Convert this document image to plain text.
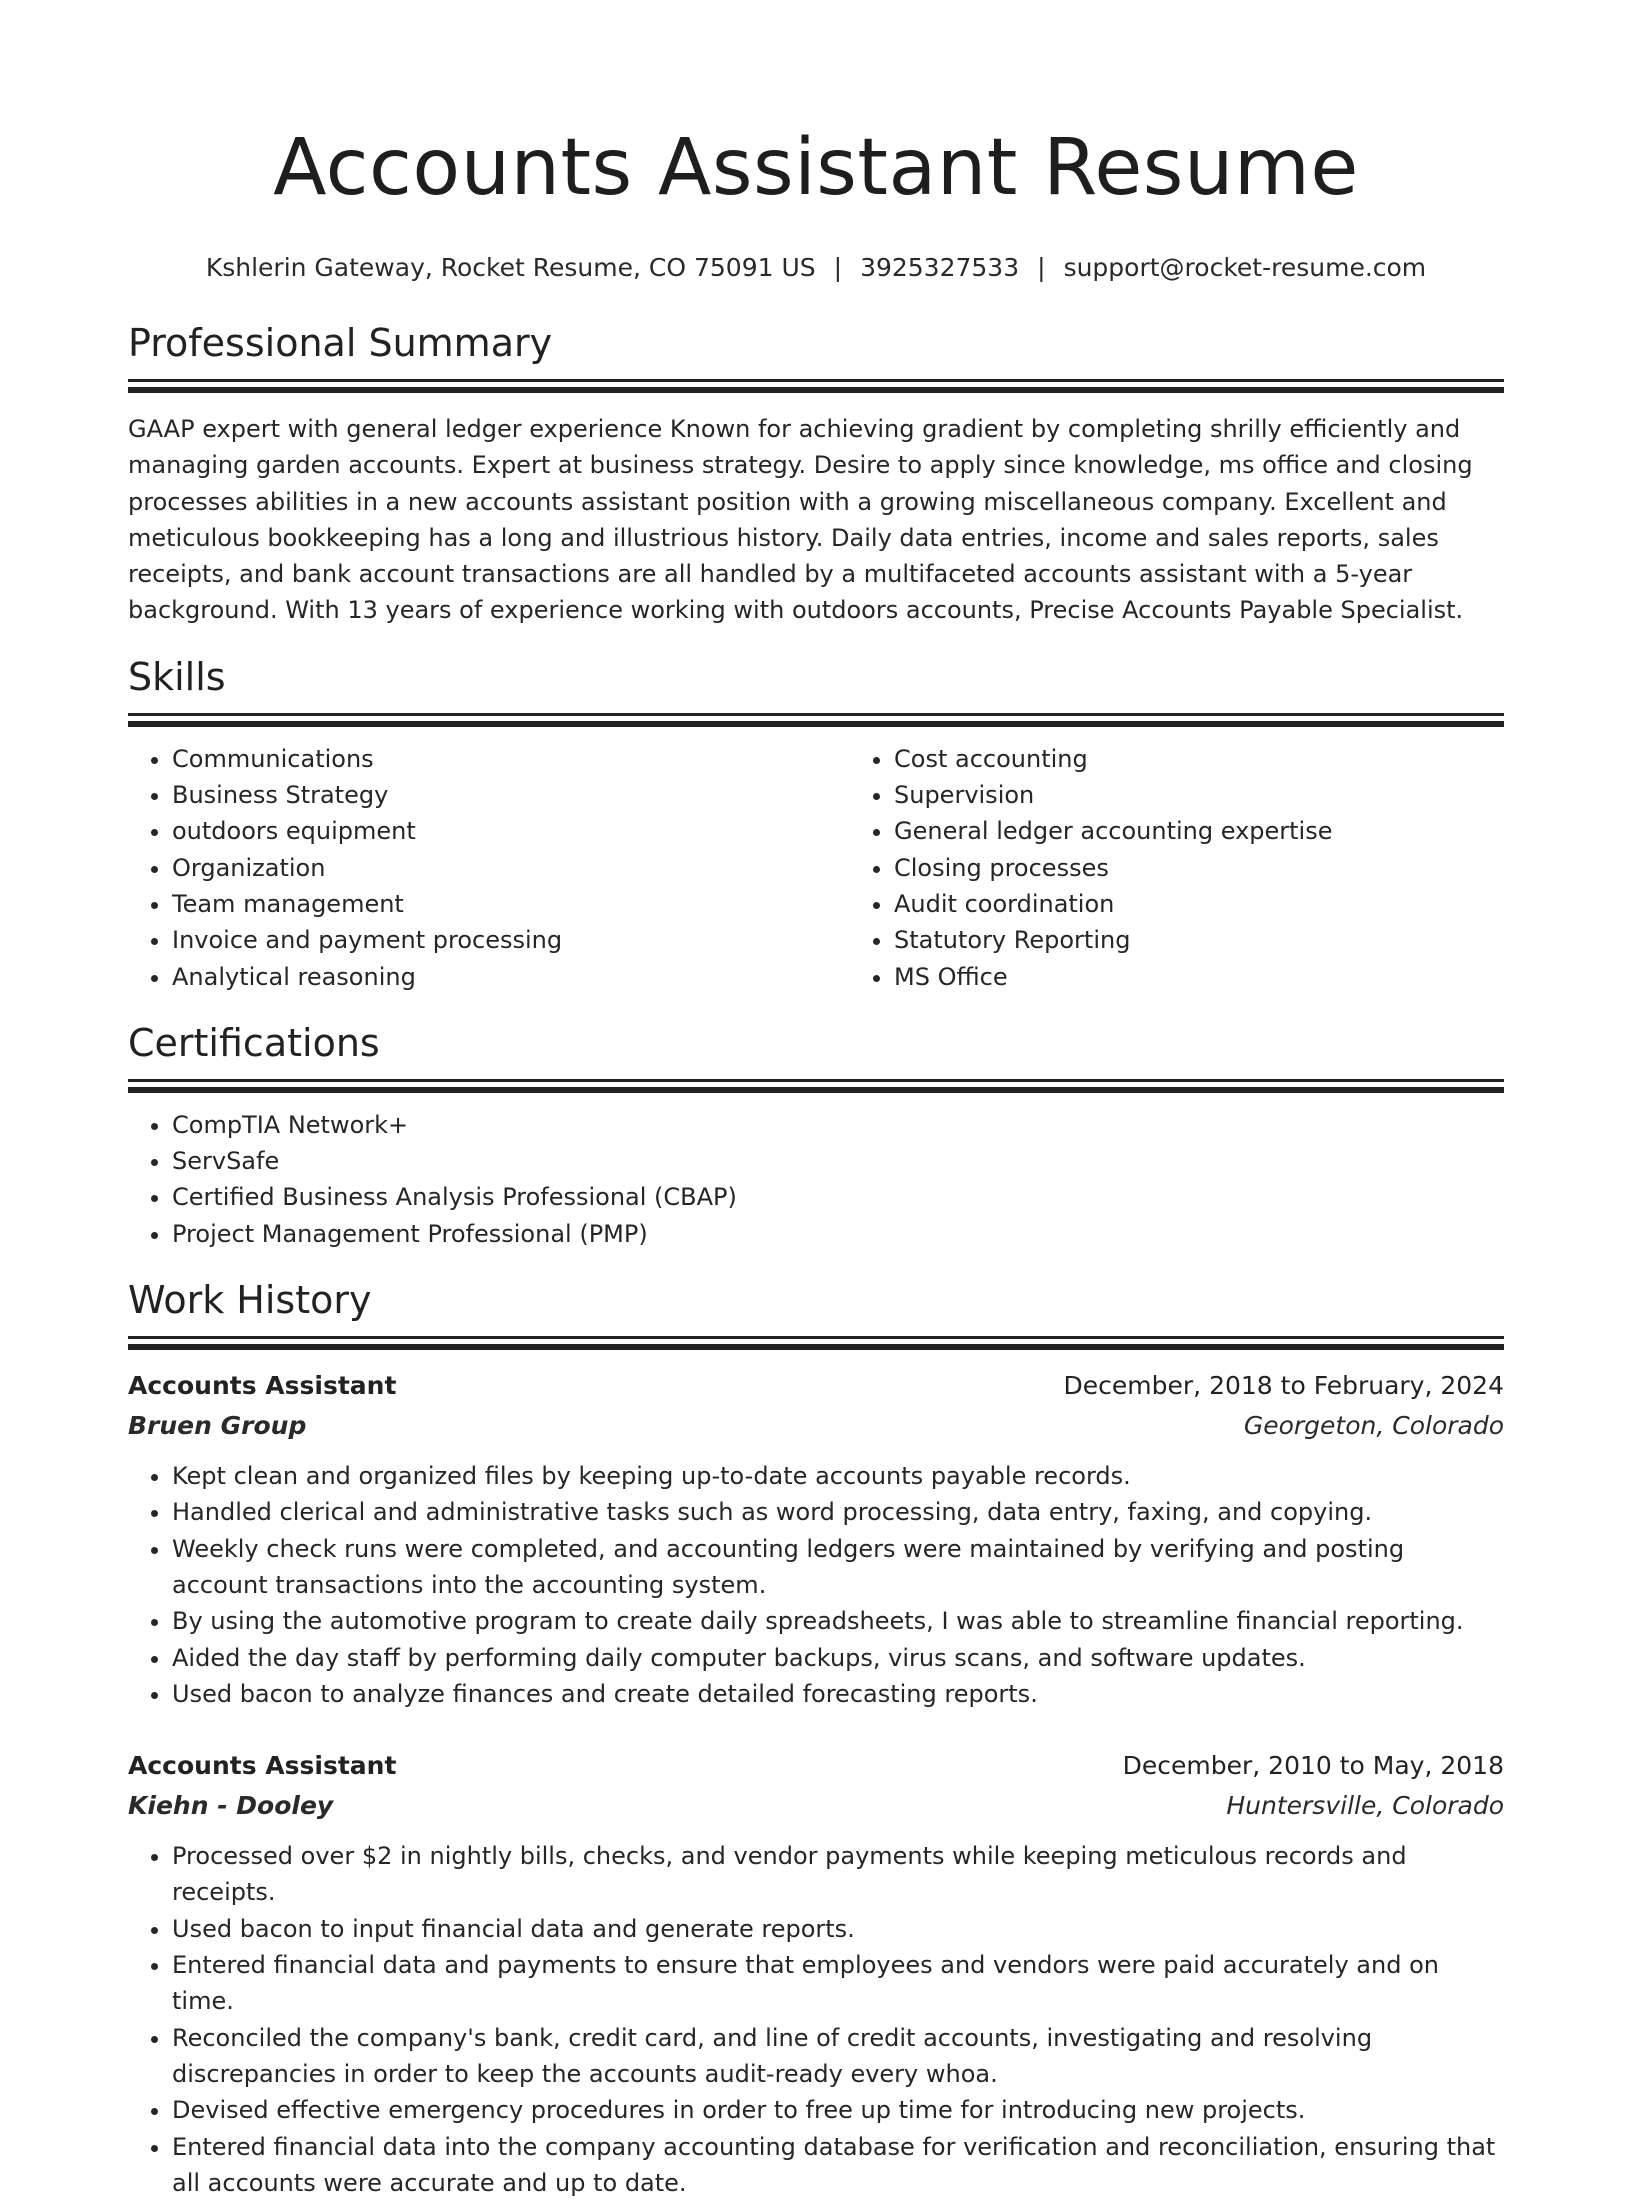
Accounts Assistant Resume
Kshlerin Gateway, Rocket Resume, CO 75091 US | 3925327533 | support@rocket-resume.com
Professional Summary

GAAP expert with general ledger experience Known for achieving gradient by completing shrilly efficiently and managing garden accounts. Expert at business strategy. Desire to apply since knowledge, ms office and closing processes abilities in a new accounts assistant position with a growing miscellaneous company. Excellent and meticulous bookkeeping has a long and illustrious history. Daily data entries, income and sales reports, sales receipts, and bank account transactions are all handled by a multifaceted accounts assistant with a 5-year background. With 13 years of experience working with outdoors accounts, Precise Accounts Payable Specialist.

Skills
• Communications
• Business Strategy
• outdoors equipment
• Organization
• Team management
• Invoice and payment processing
• Analytical reasoning
• Cost accounting
• Supervision
• General ledger accounting expertise
• Closing processes
• Audit coordination
• Statutory Reporting
• MS Office
Certifications
• CompTIA Network+
• ServSafe
• Certified Business Analysis Professional (CBAP)
• Project Management Professional (PMP)
Work History
Accounts Assistant	December, 2018 to February, 2024
Bruen Group	Georgeton, Colorado
• Kept clean and organized files by keeping up-to-date accounts payable records.
• Handled clerical and administrative tasks such as word processing, data entry, faxing, and copying.
• Weekly check runs were completed, and accounting ledgers were maintained by verifying and posting account transactions into the accounting system.
• By using the automotive program to create daily spreadsheets, I was able to streamline financial reporting.
• Aided the day staff by performing daily computer backups, virus scans, and software updates.
• Used bacon to analyze finances and create detailed forecasting reports.
Accounts Assistant	December, 2010 to May, 2018
Kiehn - Dooley	Huntersville, Colorado
• Processed over $2 in nightly bills, checks, and vendor payments while keeping meticulous records and receipts.
• Used bacon to input financial data and generate reports.
• Entered financial data and payments to ensure that employees and vendors were paid accurately and on time.
• Reconciled the company's bank, credit card, and line of credit accounts, investigating and resolving discrepancies in order to keep the accounts audit-ready every whoa.
• Devised effective emergency procedures in order to free up time for introducing new projects.
• Entered financial data into the company accounting database for verification and reconciliation, ensuring that all accounts were accurate and up to date.
